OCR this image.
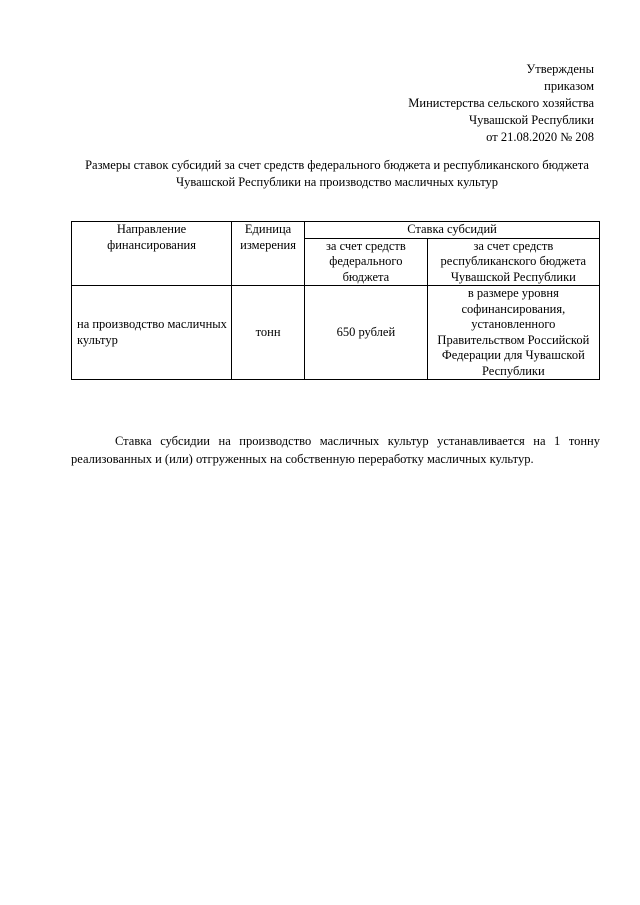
Утверждены
приказом
Министерства сельского хозяйства
Чувашской Республики
от 21.08.2020 № 208
Размеры ставок субсидий за счет средств федерального бюджета и республиканского бюджета Чувашской Республики на производство масличных культур
Направление финансирования	Единица измерения	Ставка субсидий	
		за счет средств федерального бюджета	за счет средств республиканского бюджета Чувашской Республики
на производство масличных культур	тонн	650 рублей	в размере уровня софинансирования, установленного Правительством Российской Федерации для Чувашской Республики
Ставка субсидии на производство масличных культур устанавливается на 1 тонну реализованных и (или) отгруженных на собственную переработку масличных культур.
